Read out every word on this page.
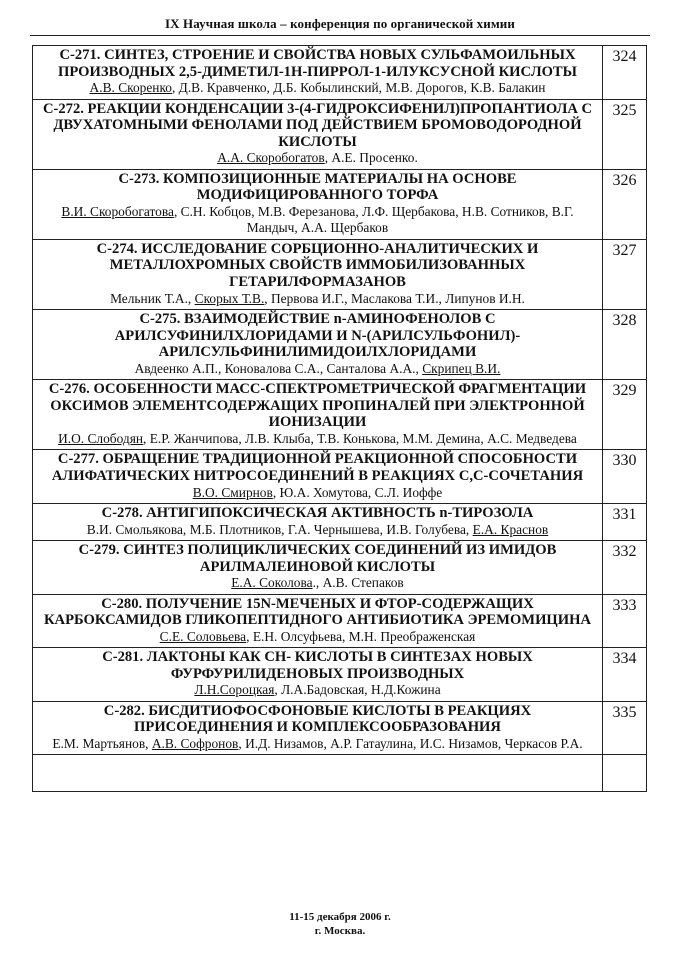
IX Научная школа – конференция по органической химии
С-271. СИНТЕЗ, СТРОЕНИЕ И СВОЙСТВА НОВЫХ СУЛЬФАМОИЛЬНЫХ ПРОИЗВОДНЫХ 2,5-ДИМЕТИЛ-1H-ПИРРОЛ-1-ИЛУКСУСНОЙ КИСЛОТЫ
А.В. Скоренко, Д.В. Кравченко, Д.Б. Кобылинский, М.В. Дорогов, К.В. Балакин	324

С-272. РЕАКЦИИ КОНДЕНСАЦИИ 3-(4-ГИДРОКСИФЕНИЛ)ПРОПАНТИОЛА С ДВУХАТОМНЫМИ ФЕНОЛАМИ ПОД ДЕЙСТВИЕМ БРОМОВОДОРОДНОЙ КИСЛОТЫ
А.А. Скоробогатов, А.Е. Просенко.	325

С-273. КОМПОЗИЦИОННЫЕ МАТЕРИАЛЫ НА ОСНОВЕ МОДИФИЦИРОВАННОГО ТОРФА
В.И. Скоробогатова, С.Н. Кобцов, М.В. Ферезанова, Л.Ф. Щербакова, Н.В. Сотников, В.Г. Мандыч, А.А. Щербаков	326

С-274. ИССЛЕДОВАНИЕ СОРБЦИОННО-АНАЛИТИЧЕСКИХ И МЕТАЛЛОХРОМНЫХ СВОЙСТВ ИММОБИЛИЗОВАННЫХ ГЕТАРИЛФОРМАЗАНОВ
Мельник Т.А., Скорых Т.В., Первова И.Г., Маслакова Т.И., Липунов И.Н.	327

С-275. ВЗАИМОДЕЙСТВИЕ n-АМИНОФЕНОЛОВ С АРИЛСУФИНИЛХЛОРИДАМИ И N-(АРИЛСУЛЬФОНИЛ)-АРИЛСУЛЬФИНИЛИМИДОИЛХЛОРИДАМИ
Авдеенко А.П., Коновалова С.А., Санталова А.А., Скрипец В.И.	328

С-276. ОСОБЕННОСТИ МАСС-СПЕКТРОМЕТРИЧЕСКОЙ ФРАГМЕНТАЦИИ ОКСИМОВ ЭЛЕМЕНТСОДЕРЖАЩИХ ПРОПИНАЛЕЙ ПРИ ЭЛЕКТРОННОЙ ИОНИЗАЦИИ
И.О. Слободян, Е.Р. Жанчипова, Л.В. Клыба, Т.В. Конькова, М.М. Демина, А.С. Медведева	329

С-277. ОБРАЩЕНИЕ ТРАДИЦИОННОЙ РЕАКЦИОННОЙ СПОСОБНОСТИ АЛИФАТИЧЕСКИХ НИТРОСОЕДИНЕНИЙ В РЕАКЦИЯХ С,С-СОЧЕТАНИЯ
В.О. Смирнов, Ю.А. Хомутова, С.Л. Иоффе	330

С-278. АНТИГИПОКСИЧЕСКАЯ АКТИВНОСТЬ n-ТИРОЗОЛА
В.И. Смольякова, М.Б. Плотников, Г.А. Чернышева, И.В. Голубева, Е.А. Краснов	331

С-279. СИНТЕЗ ПОЛИЦИКЛИЧЕСКИХ СОЕДИНЕНИЙ ИЗ ИМИДОВ АРИЛМАЛЕИНОВОЙ КИСЛОТЫ
Е.А. Соколова., А.В. Степаков	332

С-280. ПОЛУЧЕНИЕ 15N-МЕЧЕНЫХ И ФТОР-СОДЕРЖАЩИХ КАРБОКСАМИДОВ ГЛИКОПЕПТИДНОГО АНТИБИОТИКА ЭРЕМОМИЦИНА
С.Е. Соловьева, Е.Н. Олсуфьева, М.Н. Преображенская	333

С-281. ЛАКТОНЫ КАК СН- КИСЛОТЫ В СИНТЕЗАХ НОВЫХ ФУРФУРИЛИДЕНОВЫХ ПРОИЗВОДНЫХ
Л.Н.Сороцкая, Л.А.Бадовская, Н.Д.Кожина	334

С-282. БИСДИТИОФОСФОНОВЫЕ КИСЛОТЫ В РЕАКЦИЯХ ПРИСОЕДИНЕНИЯ И КОМПЛЕКСООБРАЗОВАНИЯ
Е.М. Мартьянов, А.В. Софронов, И.Д. Низамов, А.Р. Гатаулина, И.С. Низамов, Черкасов Р.А.	335

11-15 декабря 2006 г.
г. Москва.
